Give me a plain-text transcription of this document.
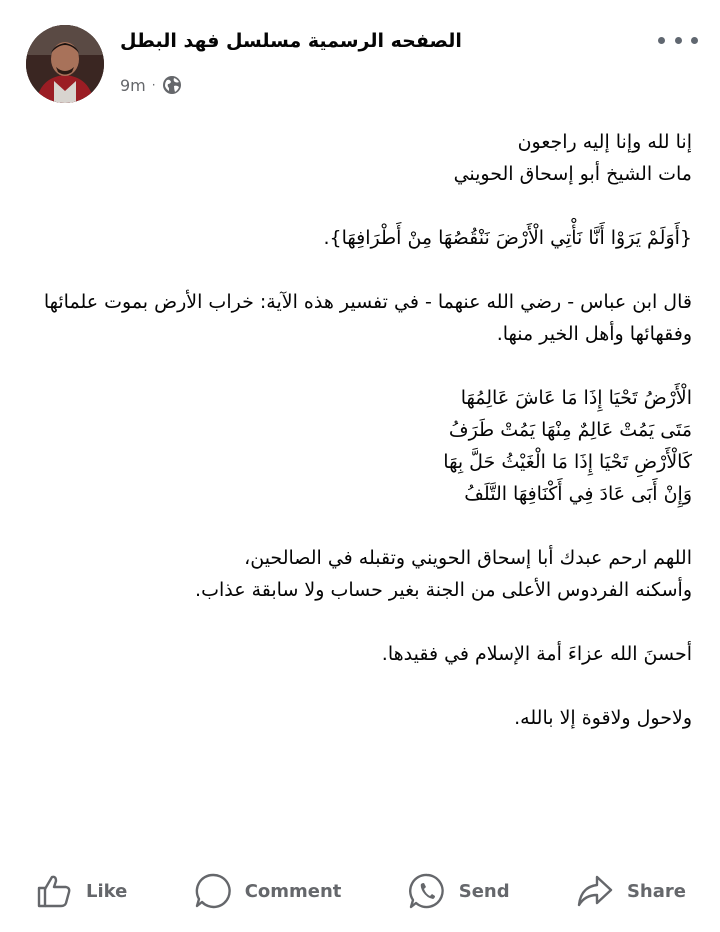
الصفحه الرسمية مسلسل فهد البطل
9m ·

إنا لله وإنا إليه راجعون
مات الشيخ أبو إسحاق الحويني

{أَوَلَمْ يَرَوْا أَنَّا نَأْتِي الْأَرْضَ نَنْقُصُهَا مِنْ أَطْرَافِهَا}.

قال ابن عباس - رضي الله عنهما - في تفسير هذه الآية: خراب الأرض بموت علمائها وفقهائها وأهل الخير منها.

الْأَرْضُ تَحْيَا إِذَا مَا عَاشَ عَالِمُهَا
مَتَى يَمُتْ عَالِمٌ مِنْهَا يَمُتْ طَرَفُ
كَالْأَرْضِ تَحْيَا إِذَا مَا الْغَيْثُ حَلَّ بِهَا
وَإِنْ أَبَى عَادَ فِي أَكْنَافِهَا التَّلَفُ

اللهم ارحم عبدك أبا إسحاق الحويني وتقبله في الصالحين،
وأسكنه الفردوس الأعلى من الجنة بغير حساب ولا سابقة عذاب.

أحسنَ الله عزاءَ أمة الإسلام في فقيدها.

ولاحول ولاقوة إلا بالله.

Like	Comment	Send	Share
